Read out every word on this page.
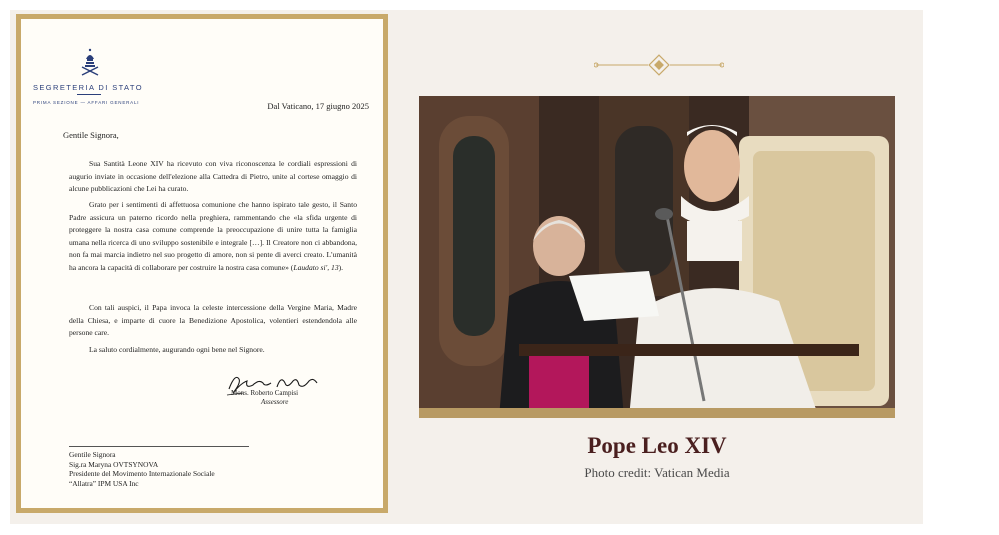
SEGRETERIA DI STATO
PRIMA SEZIONE — AFFARI GENERALI	Dal Vaticano, 17 giugno 2025
Gentile Signora,
Sua Santità Leone XIV ha ricevuto con viva riconoscenza le cordiali espressioni di augurio inviate in occasione dell'elezione alla Cattedra di Pietro, unite al cortese omaggio di alcune pubblicazioni che Lei ha curato.
Grato per i sentimenti di affettuosa comunione che hanno ispirato tale gesto, il Santo Padre assicura un paterno ricordo nella preghiera, rammentando che «la sfida urgente di proteggere la nostra casa comune comprende la preoccupazione di unire tutta la famiglia umana nella ricerca di uno sviluppo sostenibile e integrale […]. Il Creatore non ci abbandona, non fa mai marcia indietro nel suo progetto di amore, non si pente di averci creato. L'umanità ha ancora la capacità di collaborare per costruire la nostra casa comune» (Laudato si', 13).
Con tali auspici, il Papa invoca la celeste intercessione della Vergine Maria, Madre della Chiesa, e imparte di cuore la Benedizione Apostolica, volentieri estendendola alle persone care.
La saluto cordialmente, augurando ogni bene nel Signore.
Mons. Roberto Campisi
Assessore
Gentile Signora
Sig.ra Maryna OVTSYNOVA
Presidente del Movimento Internazionale Sociale
“Allatra” IPM USA Inc
Pope Leo XIV
Photo credit: Vatican Media
